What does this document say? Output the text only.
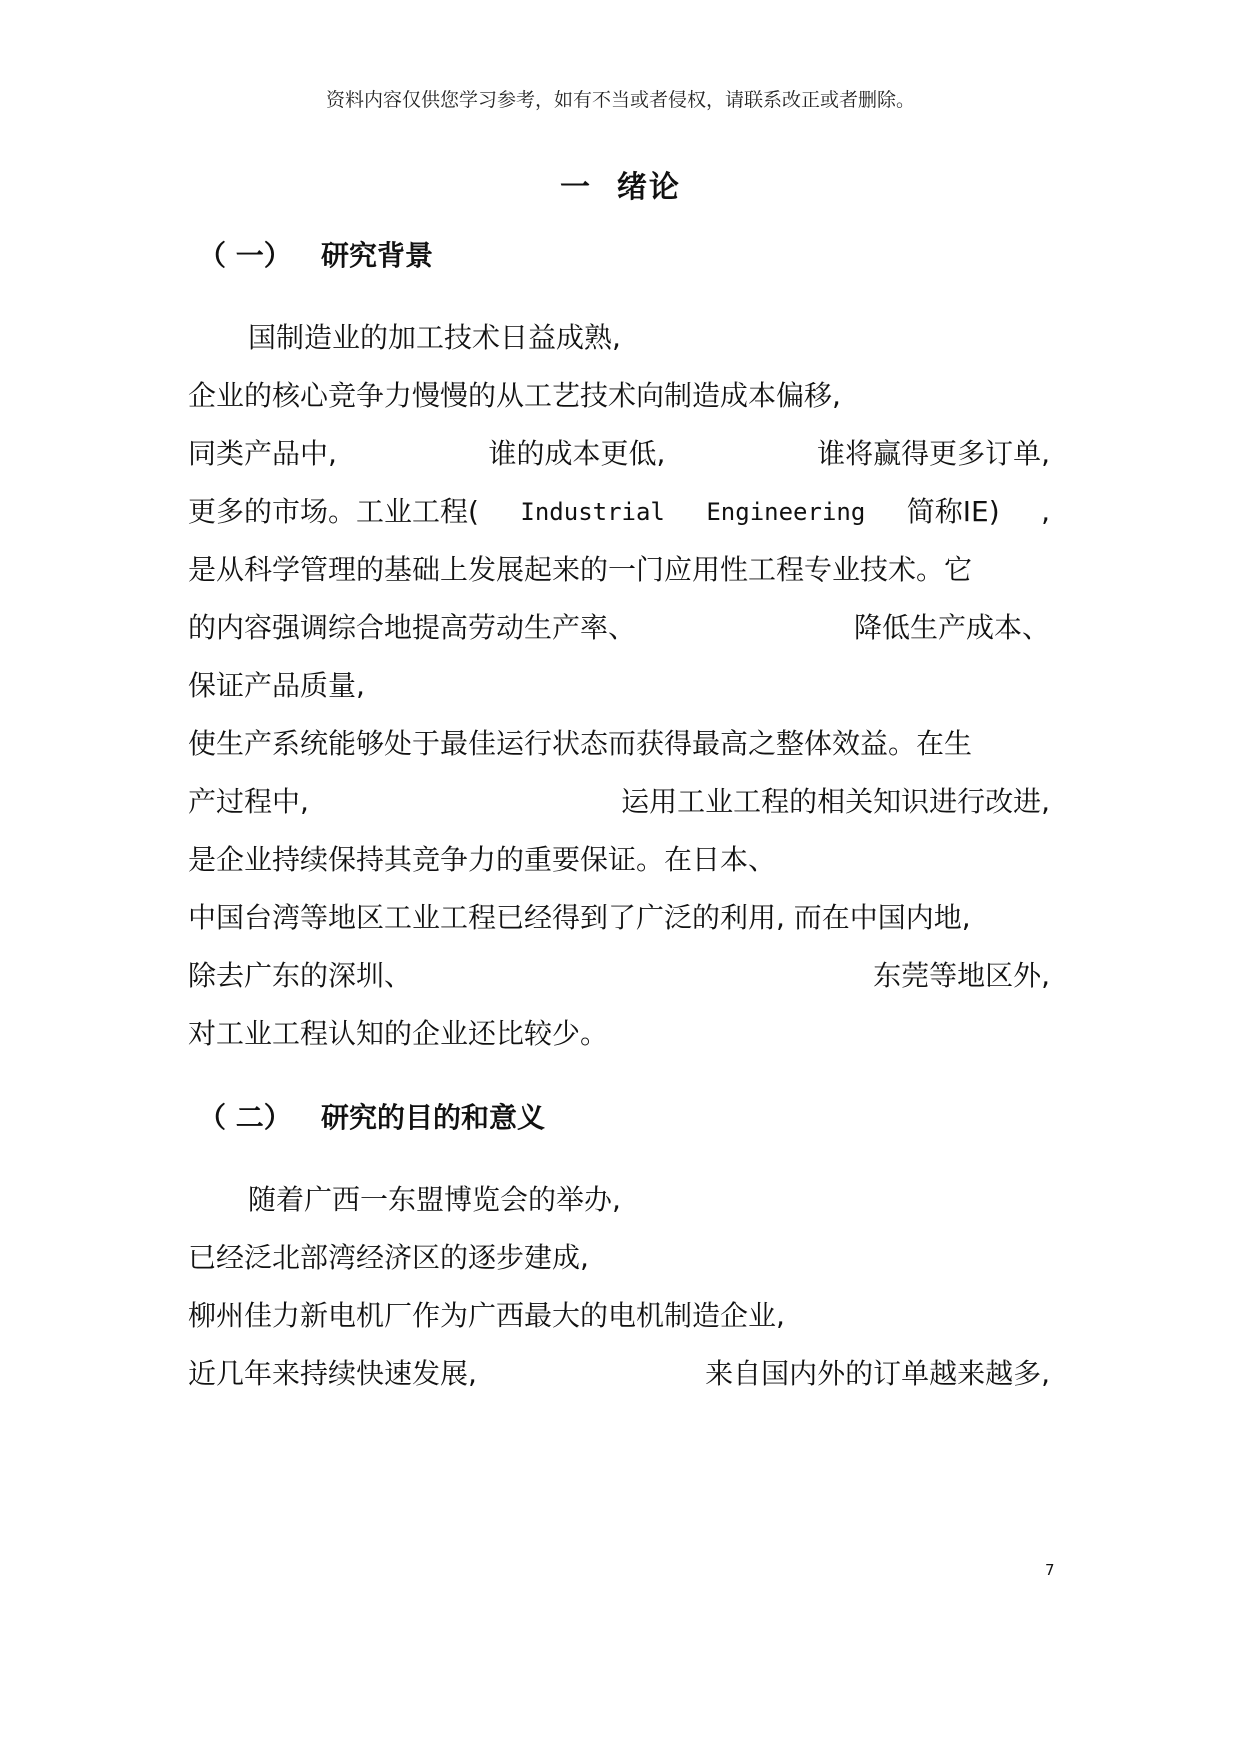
资料内容仅供您学习参考，如有不当或者侵权，请联系改正或者删除。
一  绪论
（ 一）   研究背景
国制造业的加工技术日益成熟,
企业的核心竞争力慢慢的从工艺技术向制造成本偏移,
同类产品中,	谁的成本更低,	谁将赢得更多订单,
更多的市场。工业工程( Industrial Engineering 简称IE) ,
是从科学管理的基础上发展起来的一门应用性工程专业技术。它
的内容强调综合地提高劳动生产率、	降低生产成本、
保证产品质量,
使生产系统能够处于最佳运行状态而获得最高之整体效益。在生
产过程中,	运用工业工程的相关知识进行改进,
是企业持续保持其竞争力的重要保证。在日本、
中国台湾等地区工业工程已经得到了广泛的利用, 而在中国内地,
除去广东的深圳、	东莞等地区外,
对工业工程认知的企业还比较少。
（ 二）   研究的目的和意义
随着广西一东盟博览会的举办,
已经泛北部湾经济区的逐步建成,
柳州佳力新电机厂作为广西最大的电机制造企业,
近几年来持续快速发展,	来自国内外的订单越来越多,
7
